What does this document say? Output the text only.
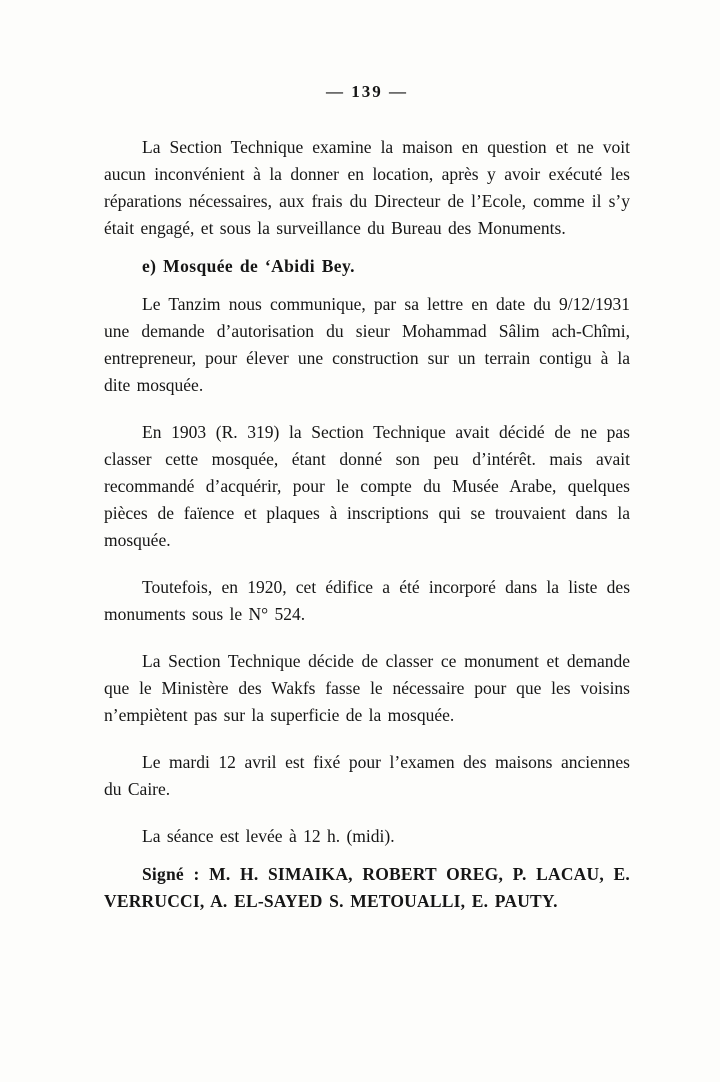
— 139 —

La Section Technique examine la maison en question et ne voit aucun inconvénient à la donner en location, après y avoir exécuté les réparations nécessaires, aux frais du Directeur de l’Ecole, comme il s’y était engagé, et sous la surveillance du Bureau des Monuments.

e) Mosquée de ‘Abidi Bey.

Le Tanzim nous communique, par sa lettre en date du 9/12/1931 une demande d’autorisation du sieur Mohammad Sâlim ach-Chîmi, entrepreneur, pour élever une construction sur un terrain contigu à la dite mosquée.

En 1903 (R. 319) la Section Technique avait décidé de ne pas classer cette mosquée, étant donné son peu d’intérêt. mais avait recommandé d’acquérir, pour le compte du Musée Arabe, quelques pièces de faïence et plaques à inscriptions qui se trouvaient dans la mosquée.

Toutefois, en 1920, cet édifice a été incorporé dans la liste des monuments sous le N° 524.

La Section Technique décide de classer ce monument et demande que le Ministère des Wakfs fasse le nécessaire pour que les voisins n’empiètent pas sur la superficie de la mosquée.

Le mardi 12 avril est fixé pour l’examen des maisons anciennes du Caire.

La séance est levée à 12 h. (midi).

Signé : M. H. SIMAIKA, ROBERT OREG, P. LACAU, E. VERRUCCI, A. EL-SAYED S. METOUALLI, E. PAUTY.
